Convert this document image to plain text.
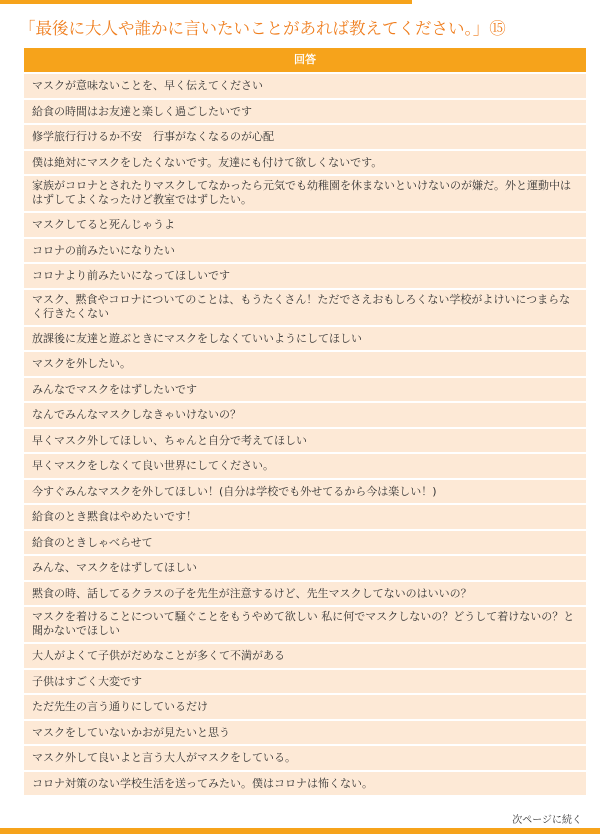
「最後に大人や誰かに言いたいことがあれば教えてください。」⑮
回答
マスクが意味ないことを、早く伝えてください
給食の時間はお友達と楽しく過ごしたいです
修学旅行行けるか不安　行事がなくなるのが心配
僕は絶対にマスクをしたくないです。友達にも付けて欲しくないです。
家族がコロナとされたりマスクしてなかったら元気でも幼稚園を休まないといけないのが嫌だ。外と運動中ははずしてよくなったけど教室ではずしたい。
マスクしてると死んじゃうよ
コロナの前みたいになりたい
コロナより前みたいになってほしいです
マスク、黙食やコロナについてのことは、もうたくさん！ただでさえおもしろくない学校がよけいにつまらなく行きたくない
放課後に友達と遊ぶときにマスクをしなくていいようにしてほしい
マスクを外したい。
みんなでマスクをはずしたいです
なんでみんなマスクしなきゃいけないの？
早くマスク外してほしい、ちゃんと自分で考えてほしい
早くマスクをしなくて良い世界にしてください。
今すぐみんなマスクを外してほしい！(自分は学校でも外せてるから今は楽しい！)
給食のとき黙食はやめたいです！
給食のときしゃべらせて
みんな、マスクをはずしてほしい
黙食の時、話してるクラスの子を先生が注意するけど、先生マスクしてないのはいいの？
マスクを着けることについて騒ぐことをもうやめて欲しい 私に何でマスクしないの？どうして着けないの？と聞かないでほしい
大人がよくて子供がだめなことが多くて不満がある
子供はすごく大変です
ただ先生の言う通りにしているだけ
マスクをしていないかおが見たいと思う
マスク外して良いよと言う大人がマスクをしている。
コロナ対策のない学校生活を送ってみたい。僕はコロナは怖くない。
次ページに続く
